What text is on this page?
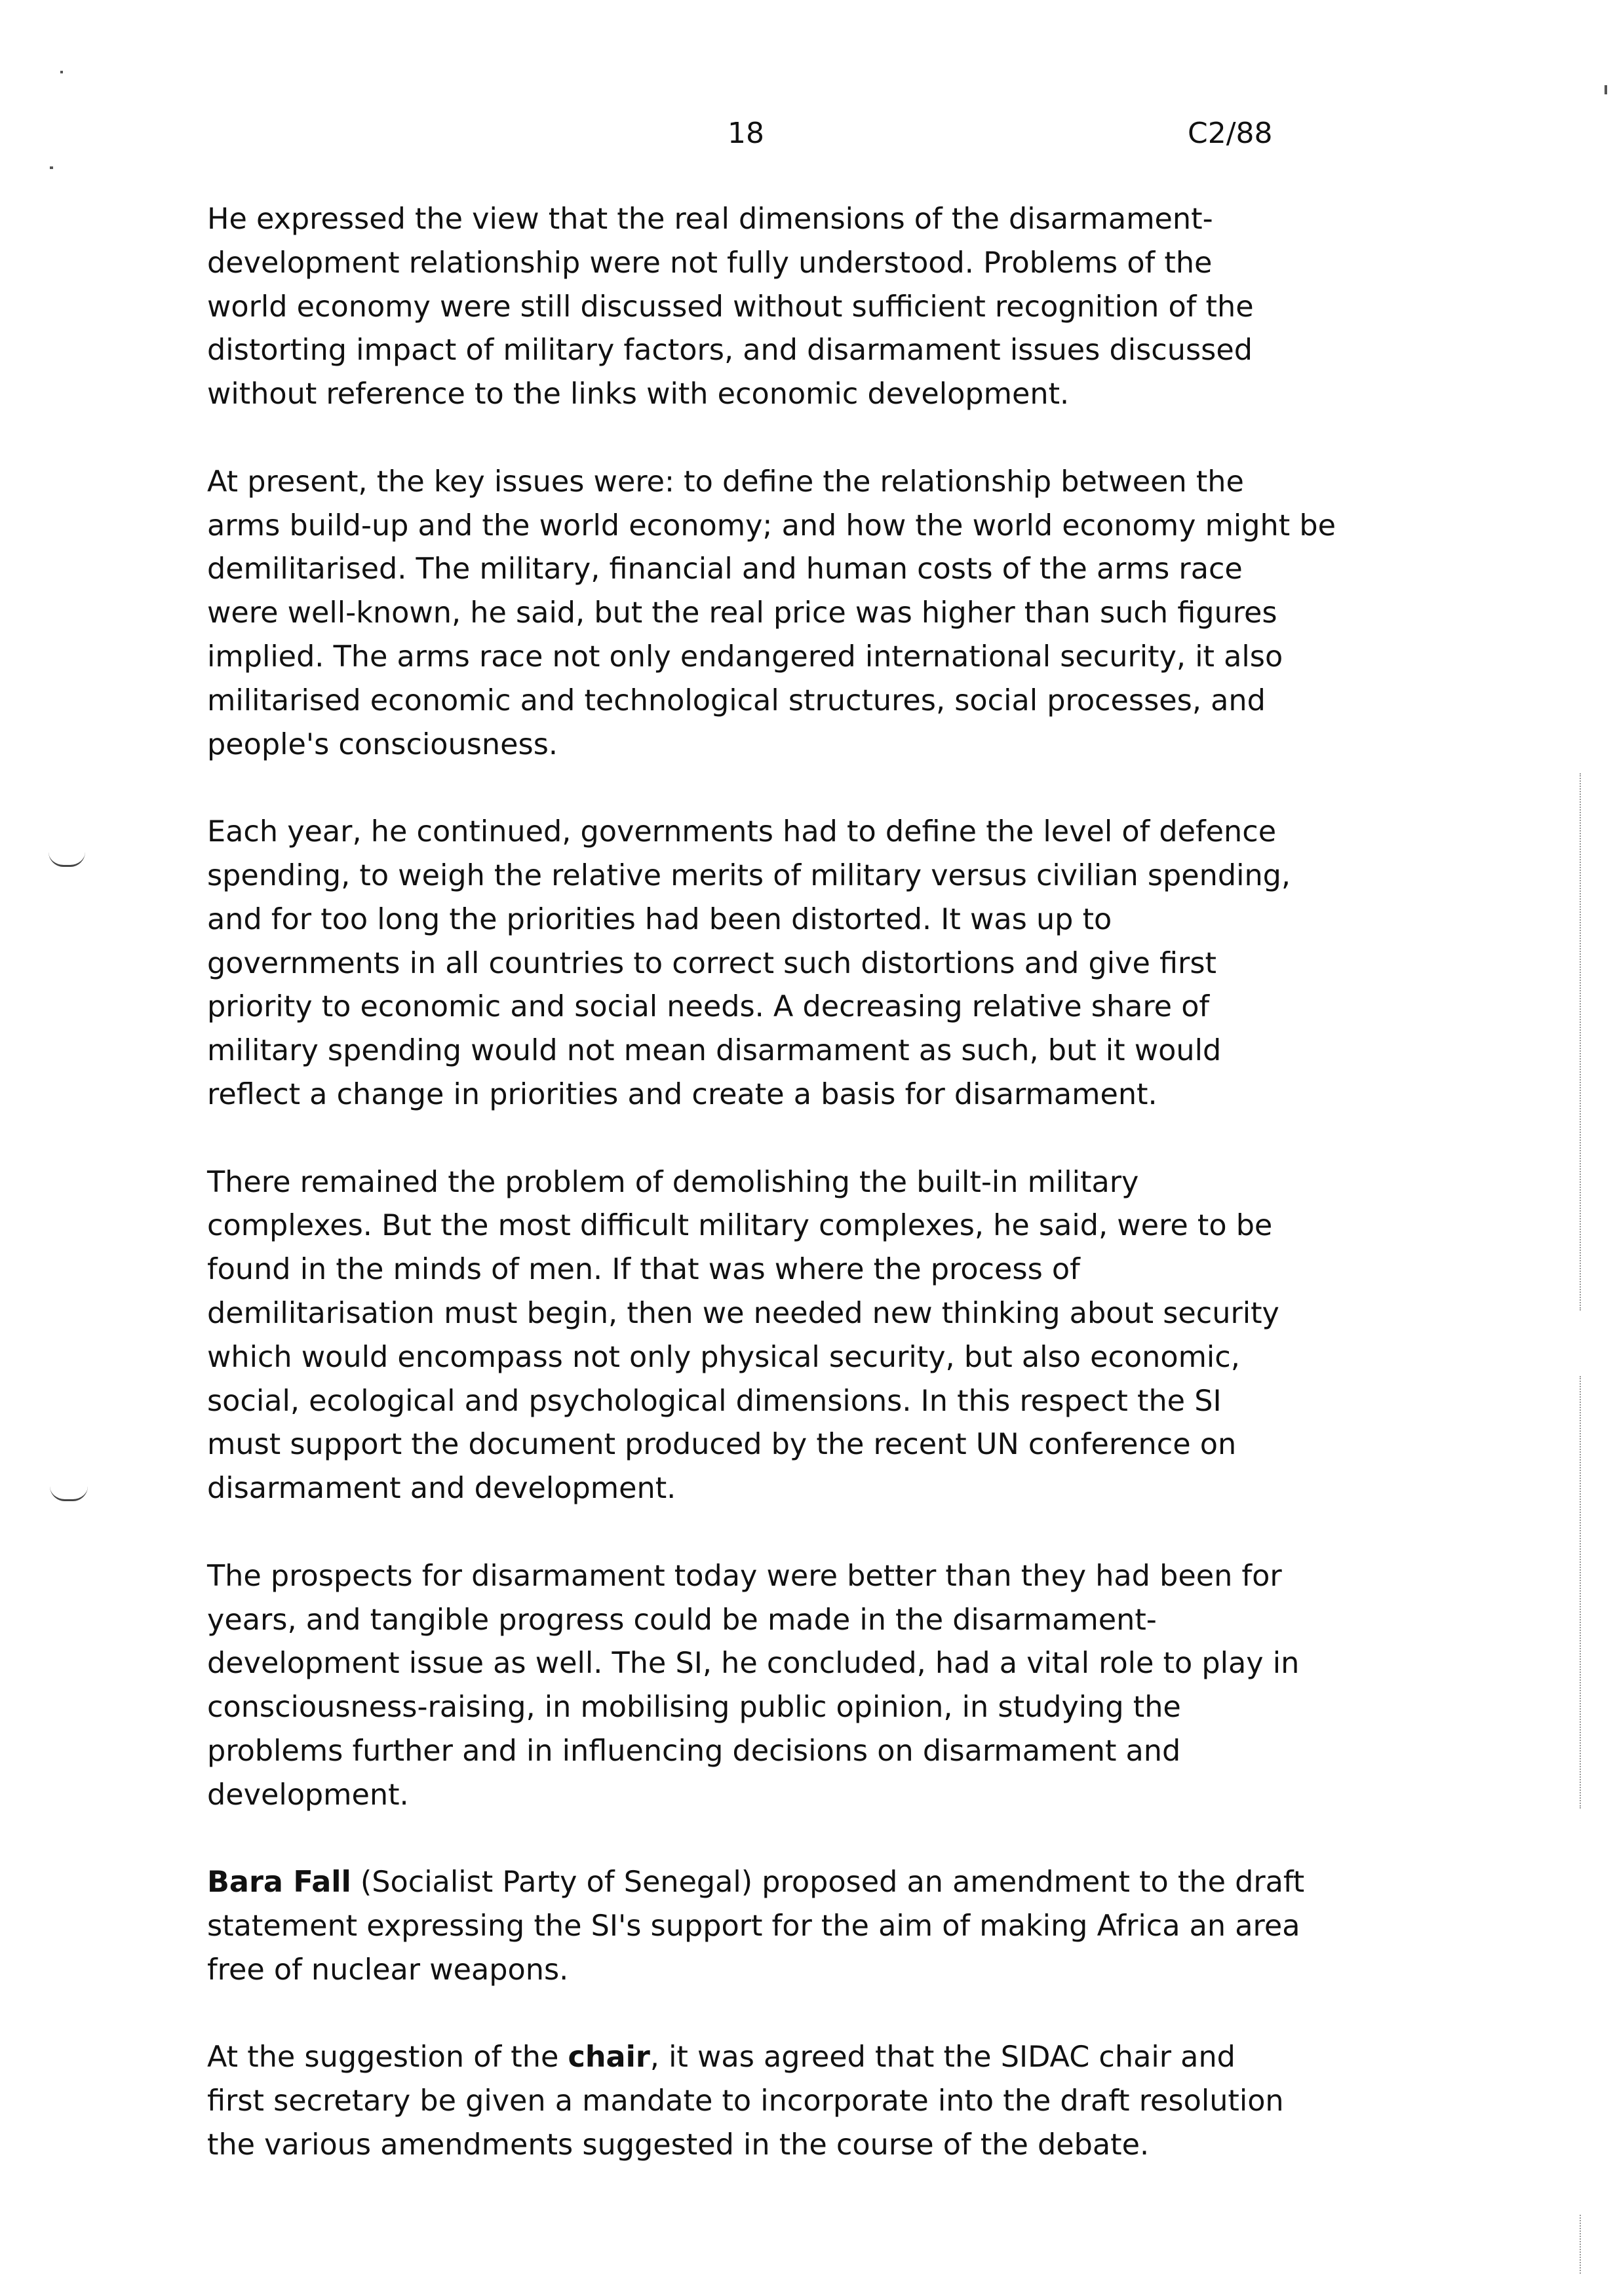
18	C2/88

He expressed the view that the real dimensions of the disarmament-
development relationship were not fully understood. Problems of the
world economy were still discussed without sufficient recognition of the
distorting impact of military factors, and disarmament issues discussed
without reference to the links with economic development.

At present, the key issues were: to define the relationship between the
arms build-up and the world economy; and how the world economy might be
demilitarised. The military, financial and human costs of the arms race
were well-known, he said, but the real price was higher than such figures
implied. The arms race not only endangered international security, it also
militarised economic and technological structures, social processes, and
people's consciousness.

Each year, he continued, governments had to define the level of defence
spending, to weigh the relative merits of military versus civilian spending,
and for too long the priorities had been distorted. It was up to
governments in all countries to correct such distortions and give first
priority to economic and social needs. A decreasing relative share of
military spending would not mean disarmament as such, but it would
reflect a change in priorities and create a basis for disarmament.

There remained the problem of demolishing the built-in military
complexes. But the most difficult military complexes, he said, were to be
found in the minds of men. If that was where the process of
demilitarisation must begin, then we needed new thinking about security
which would encompass not only physical security, but also economic,
social, ecological and psychological dimensions. In this respect the SI
must support the document produced by the recent UN conference on
disarmament and development.

The prospects for disarmament today were better than they had been for
years, and tangible progress could be made in the disarmament-
development issue as well. The SI, he concluded, had a vital role to play in
consciousness-raising, in mobilising public opinion, in studying the
problems further and in influencing decisions on disarmament and
development.

Bara Fall (Socialist Party of Senegal) proposed an amendment to the draft
statement expressing the SI's support for the aim of making Africa an area
free of nuclear weapons.

At the suggestion of the chair, it was agreed that the SIDAC chair and
first secretary be given a mandate to incorporate into the draft resolution
the various amendments suggested in the course of the debate.
